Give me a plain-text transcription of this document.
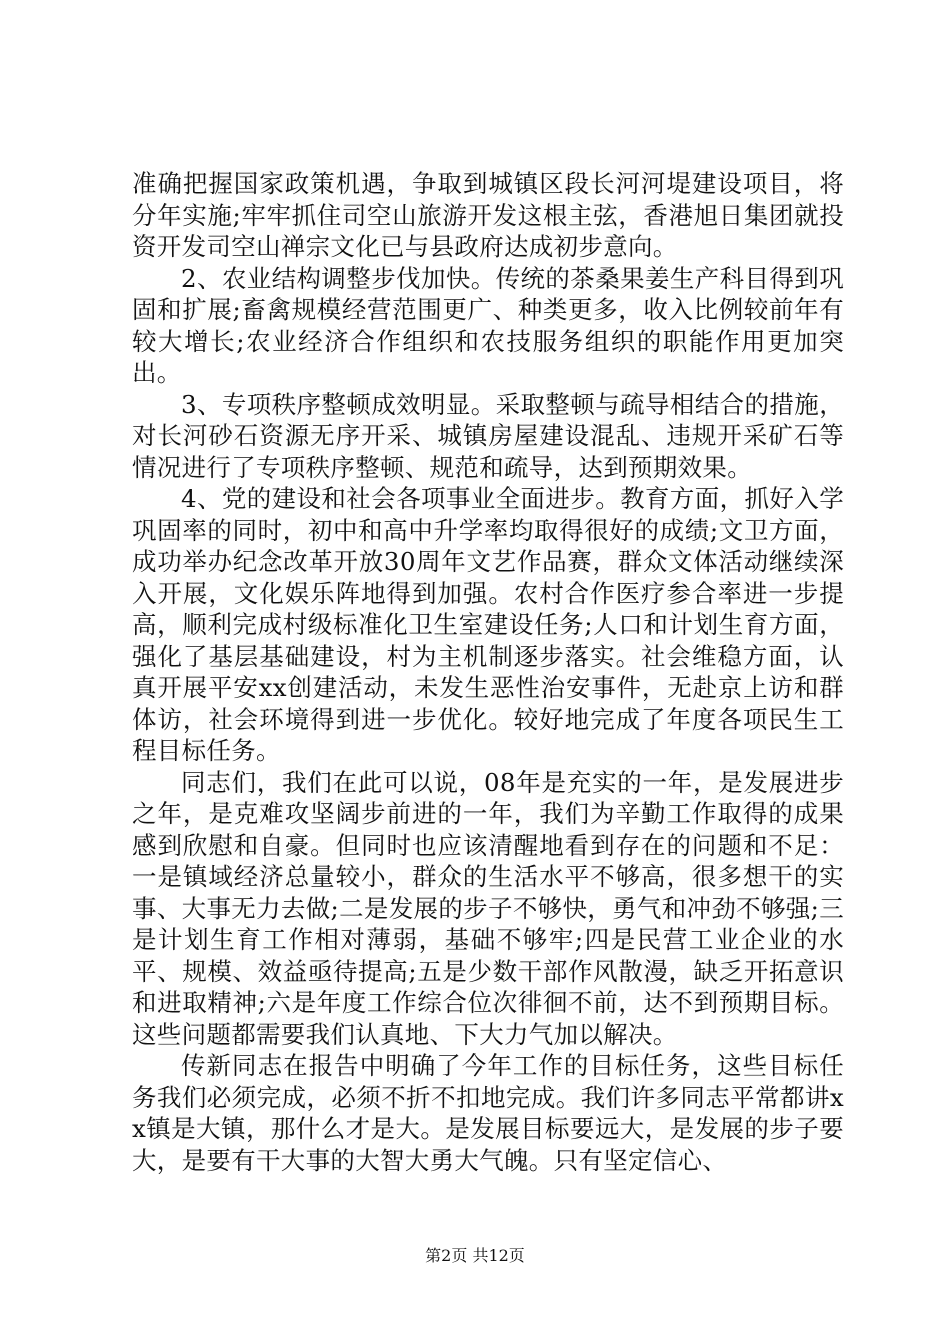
准确把握国家政策机遇，争取到城镇区段长河河堤建设项目，将分年实施;牢牢抓住司空山旅游开发这根主弦，香港旭日集团就投资开发司空山禅宗文化已与县政府达成初步意向。

2、农业结构调整步伐加快。传统的茶桑果姜生产科目得到巩固和扩展;畜禽规模经营范围更广、种类更多，收入比例较前年有较大增长;农业经济合作组织和农技服务组织的职能作用更加突出。

3、专项秩序整顿成效明显。采取整顿与疏导相结合的措施，对长河砂石资源无序开采、城镇房屋建设混乱、违规开采矿石等情况进行了专项秩序整顿、规范和疏导，达到预期效果。

4、党的建设和社会各项事业全面进步。教育方面，抓好入学巩固率的同时，初中和高中升学率均取得很好的成绩;文卫方面，成功举办纪念改革开放30周年文艺作品赛，群众文体活动继续深入开展，文化娱乐阵地得到加强。农村合作医疗参合率进一步提高，顺利完成村级标准化卫生室建设任务;人口和计划生育方面，强化了基层基础建设，村为主机制逐步落实。社会维稳方面，认真开展平安xx创建活动，未发生恶性治安事件，无赴京上访和群体访，社会环境得到进一步优化。较好地完成了年度各项民生工程目标任务。

同志们，我们在此可以说，08年是充实的一年，是发展进步之年，是克难攻坚阔步前进的一年，我们为辛勤工作取得的成果感到欣慰和自豪。但同时也应该清醒地看到存在的问题和不足：一是镇域经济总量较小，群众的生活水平不够高，很多想干的实事、大事无力去做;二是发展的步子不够快，勇气和冲劲不够强;三是计划生育工作相对薄弱，基础不够牢;四是民营工业企业的水平、规模、效益亟待提高;五是少数干部作风散漫，缺乏开拓意识和进取精神;六是年度工作综合位次徘徊不前，达不到预期目标。这些问题都需要我们认真地、下大力气加以解决。

传新同志在报告中明确了今年工作的目标任务，这些目标任务我们必须完成，必须不折不扣地完成。我们许多同志平常都讲xx镇是大镇，那什么才是大。是发展目标要远大，是发展的步子要大，是要有干大事的大智大勇大气魄。只有坚定信心、

第2页 共12页
